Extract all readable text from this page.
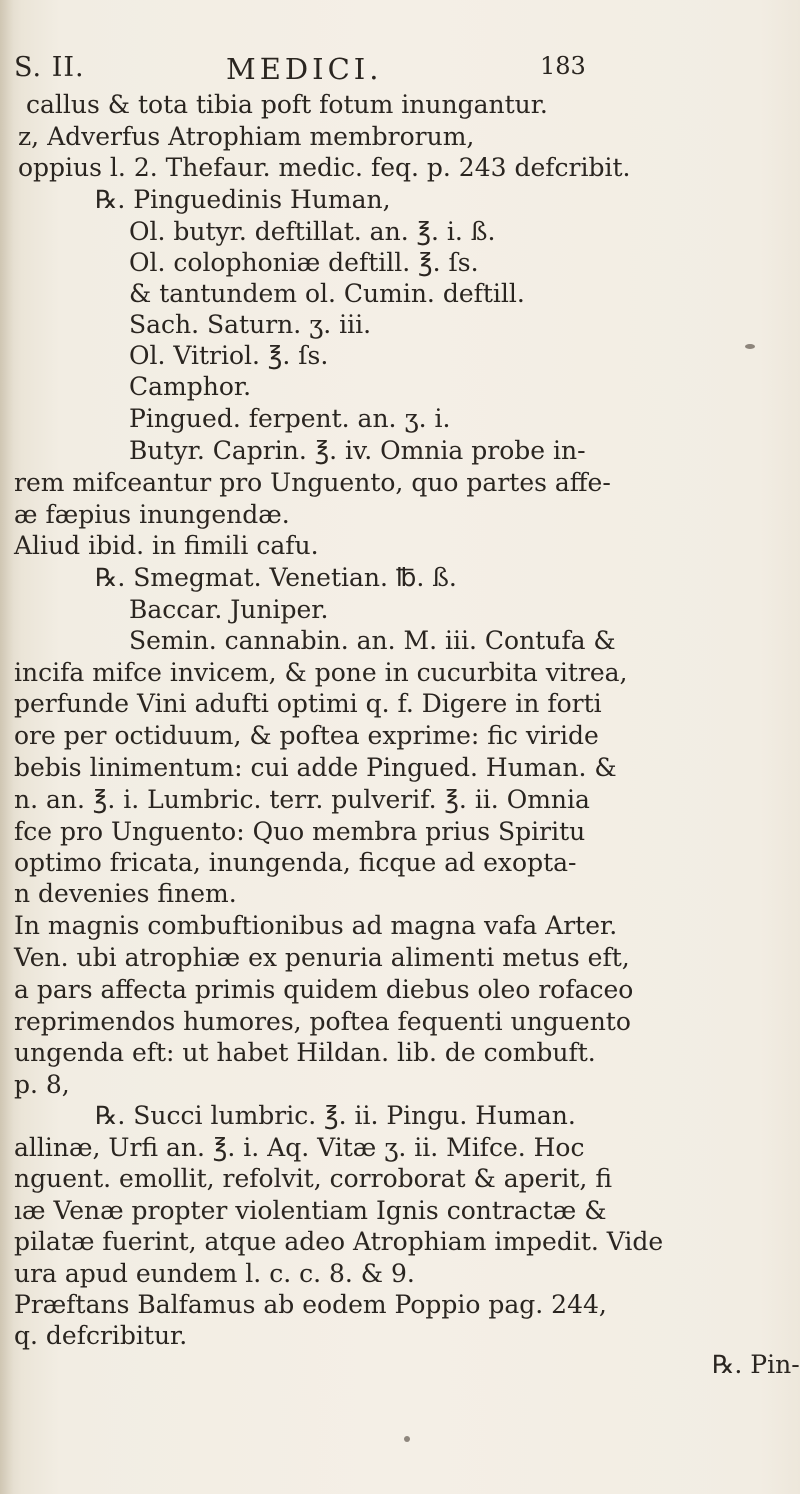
S. II.	MEDICI.	183
callus & tota tibia poft fotum inungantur.
z, Adverfus Atrophiam membrorum,
oppius l. 2. Thefaur. medic. feq. p. 243 defcribit.
℞. Pinguedinis Human,
Ol. butyr. deftillat. an. ℥. i. ß.
Ol. colophoniæ deftill. ℥. ſs.
& tantundem ol. Cumin. deftill.
Sach. Saturn. ʒ. iii.
Ol. Vitriol. ℥. ſs.
Camphor.
Pingued. ferpent. an. ʒ. i.
Butyr. Caprin. ℥. iv. Omnia probe in-
rem mifceantur pro Unguento, quo partes affe-
æ fæpius inungendæ.
Aliud ibid. in fimili cafu.
℞. Smegmat. Venetian. ℔. ß.
Baccar. Juniper.
Semin. cannabin. an. M. iii. Contufa &
incifa mifce invicem, & pone in cucurbita vitrea,
perfunde Vini adufti optimi q. f. Digere in forti
ore per octiduum, & poftea exprime: fic viride
bebis linimentum: cui adde Pingued. Human. &
n. an. ℥. i. Lumbric. terr. pulverif. ℥. ii. Omnia
fce pro Unguento: Quo membra prius Spiritu
optimo fricata, inungenda, ficque ad exopta-
n devenies finem.
In magnis combuftionibus ad magna vafa Arter.
Ven. ubi atrophiæ ex penuria alimenti metus eft,
a pars affecta primis quidem diebus oleo rofaceo
reprimendos humores, poftea fequenti unguento
ungenda eft: ut habet Hildan. lib. de combuft.
p. 8,
℞. Succi lumbric. ℥. ii. Pingu. Human.
allinæ, Urfi an. ℥. i. Aq. Vitæ ʒ. ii. Mifce. Hoc
nguent. emollit, refolvit, corroborat & aperit, fi
ıæ Venæ propter violentiam Ignis contractæ &
pilatæ fuerint, atque adeo Atrophiam impedit. Vide
ura apud eundem l. c. c. 8. & 9.
Præftans Balfamus ab eodem Poppio pag. 244,
q. defcribitur.
℞. Pin-
